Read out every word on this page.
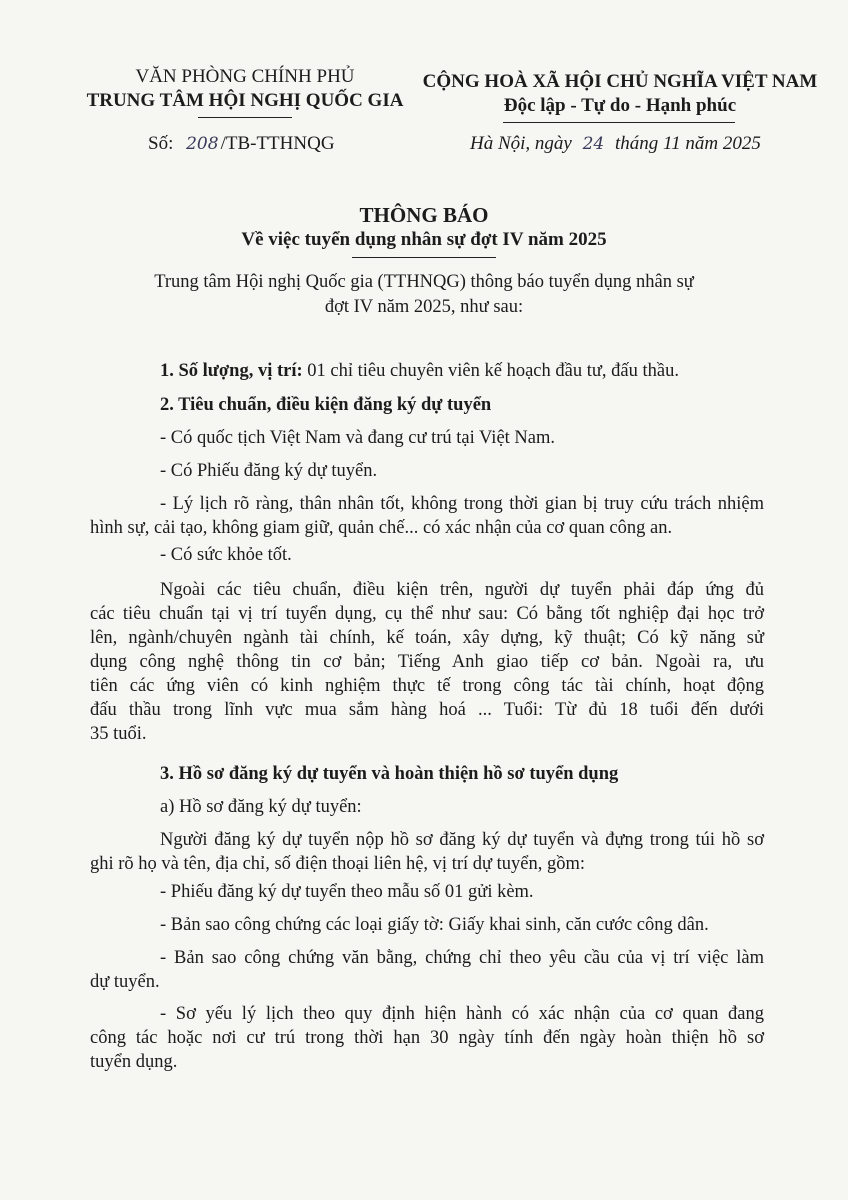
VĂN PHÒNG CHÍNH PHỦ
TRUNG TÂM HỘI NGHỊ QUỐC GIA
CỘNG HOÀ XÃ HỘI CHỦ NGHĨA VIỆT NAM
Độc lập - Tự do - Hạnh phúc
Số: 208 /TB-TTHNQG	Hà Nội, ngày 24 tháng 11 năm 2025
THÔNG BÁO
Về việc tuyển dụng nhân sự đợt IV năm 2025
Trung tâm Hội nghị Quốc gia (TTHNQG) thông báo tuyển dụng nhân sự
đợt IV năm 2025, như sau:
1. Số lượng, vị trí: 01 chỉ tiêu chuyên viên kế hoạch đầu tư, đấu thầu.
2. Tiêu chuẩn, điều kiện đăng ký dự tuyển
- Có quốc tịch Việt Nam và đang cư trú tại Việt Nam.
- Có Phiếu đăng ký dự tuyển.
- Lý lịch rõ ràng, thân nhân tốt, không trong thời gian bị truy cứu trách nhiệm
hình sự, cải tạo, không giam giữ, quản chế... có xác nhận của cơ quan công an.
- Có sức khỏe tốt.
Ngoài các tiêu chuẩn, điều kiện trên, người dự tuyển phải đáp ứng đủ
các tiêu chuẩn tại vị trí tuyển dụng, cụ thể như sau: Có bằng tốt nghiệp đại học trở
lên, ngành/chuyên ngành tài chính, kế toán, xây dựng, kỹ thuật; Có kỹ năng sử
dụng công nghệ thông tin cơ bản; Tiếng Anh giao tiếp cơ bản. Ngoài ra, ưu
tiên các ứng viên có kinh nghiệm thực tế trong công tác tài chính, hoạt động
đấu thầu trong lĩnh vực mua sắm hàng hoá ... Tuổi: Từ đủ 18 tuổi đến dưới
35 tuổi.
3. Hồ sơ đăng ký dự tuyển và hoàn thiện hồ sơ tuyển dụng
a) Hồ sơ đăng ký dự tuyển:
Người đăng ký dự tuyển nộp hồ sơ đăng ký dự tuyển và đựng trong túi hồ sơ
ghi rõ họ và tên, địa chỉ, số điện thoại liên hệ, vị trí dự tuyển, gồm:
- Phiếu đăng ký dự tuyển theo mẫu số 01 gửi kèm.
- Bản sao công chứng các loại giấy tờ: Giấy khai sinh, căn cước công dân.
- Bản sao công chứng văn bằng, chứng chỉ theo yêu cầu của vị trí việc làm
dự tuyển.
- Sơ yếu lý lịch theo quy định hiện hành có xác nhận của cơ quan đang
công tác hoặc nơi cư trú trong thời hạn 30 ngày tính đến ngày hoàn thiện hồ sơ
tuyển dụng.
